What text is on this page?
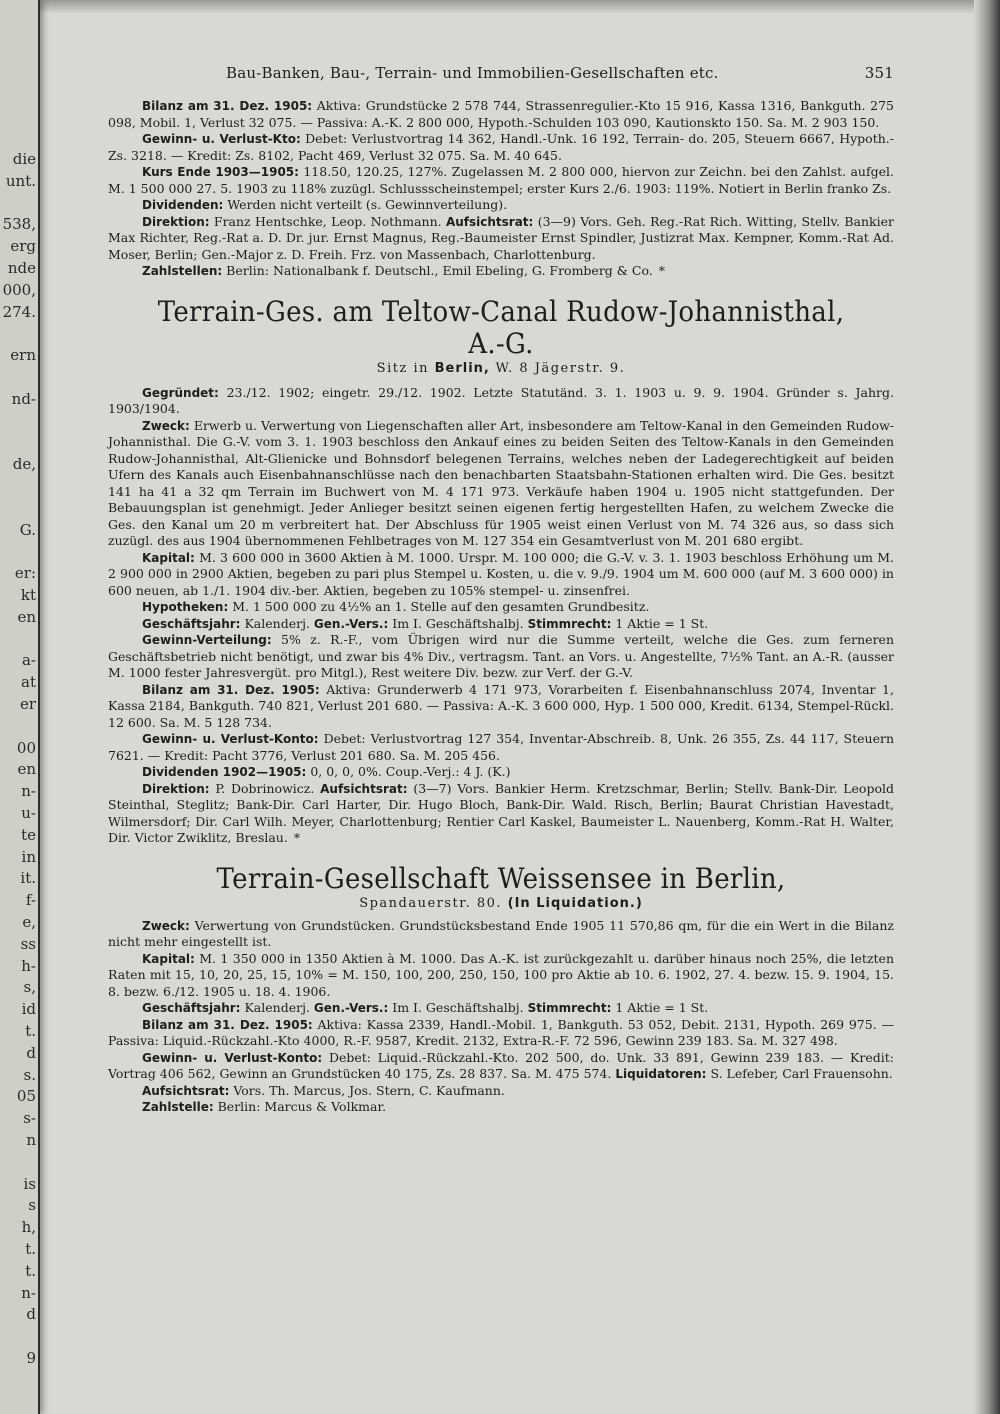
die
unt.
538,
erg
nde
000,
274.
ern
nd-
de,
G.
er:
kt
en
a-
at
er
00
en
n-
u-
te
in
it.
f-
e,
ss
h-
s,
id
t.
d
s.
05
s-
n
is
s
h,
t.
t.
n-
d
9
Bau-Banken, Bau-, Terrain- und Immobilien-Gesellschaften etc.	351

Bilanz am 31. Dez. 1905: Aktiva: Grundstücke 2 578 744, Strassenregulier.-Kto 15 916, Kassa 1316, Bankguth. 275 098, Mobil. 1, Verlust 32 075. — Passiva: A.-K. 2 800 000, Hypoth.-Schulden 103 090, Kautionskto 150. Sa. M. 2 903 150.

Gewinn- u. Verlust-Kto: Debet: Verlustvortrag 14 362, Handl.-Unk. 16 192, Terrain- do. 205, Steuern 6667, Hypoth.-Zs. 3218. — Kredit: Zs. 8102, Pacht 469, Verlust 32 075. Sa. M. 40 645.

Kurs Ende 1903—1905: 118.50, 120.25, 127%. Zugelassen M. 2 800 000, hiervon zur Zeichn. bei den Zahlst. aufgel. M. 1 500 000 27. 5. 1903 zu 118% zuzügl. Schlussscheinstempel; erster Kurs 2./6. 1903: 119%. Notiert in Berlin franko Zs.

Dividenden: Werden nicht verteilt (s. Gewinnverteilung).

Direktion: Franz Hentschke, Leop. Nothmann. Aufsichtsrat: (3—9) Vors. Geh. Reg.-Rat Rich. Witting, Stellv. Bankier Max Richter, Reg.-Rat a. D. Dr. jur. Ernst Magnus, Reg.-Baumeister Ernst Spindler, Justizrat Max. Kempner, Komm.-Rat Ad. Moser, Berlin; Gen.-Major z. D. Freih. Frz. von Massenbach, Charlottenburg.

Zahlstellen: Berlin: Nationalbank f. Deutschl., Emil Ebeling, G. Fromberg & Co. *

Terrain-Ges. am Teltow-Canal Rudow-Johannisthal, A.-G.
Sitz in Berlin, W. 8 Jägerstr. 9.

Gegründet: 23./12. 1902; eingetr. 29./12. 1902. Letzte Statutänd. 3. 1. 1903 u. 9. 9. 1904. Gründer s. Jahrg. 1903/1904.

Zweck: Erwerb u. Verwertung von Liegenschaften aller Art, insbesondere am Teltow-Kanal in den Gemeinden Rudow-Johannisthal. Die G.-V. vom 3. 1. 1903 beschloss den Ankauf eines zu beiden Seiten des Teltow-Kanals in den Gemeinden Rudow-Johannisthal, Alt-Glienicke und Bohnsdorf belegenen Terrains, welches neben der Ladegerechtigkeit auf beiden Ufern des Kanals auch Eisenbahnanschlüsse nach den benachbarten Staatsbahn-Stationen erhalten wird. Die Ges. besitzt 141 ha 41 a 32 qm Terrain im Buchwert von M. 4 171 973. Verkäufe haben 1904 u. 1905 nicht stattgefunden. Der Bebauungsplan ist genehmigt. Jeder Anlieger besitzt seinen eigenen fertig hergestellten Hafen, zu welchem Zwecke die Ges. den Kanal um 20 m verbreitert hat. Der Abschluss für 1905 weist einen Verlust von M. 74 326 aus, so dass sich zuzügl. des aus 1904 übernommenen Fehlbetrages von M. 127 354 ein Gesamtverlust von M. 201 680 ergibt.

Kapital: M. 3 600 000 in 3600 Aktien à M. 1000. Urspr. M. 100 000; die G.-V. v. 3. 1. 1903 beschloss Erhöhung um M. 2 900 000 in 2900 Aktien, begeben zu pari plus Stempel u. Kosten, u. die v. 9./9. 1904 um M. 600 000 (auf M. 3 600 000) in 600 neuen, ab 1./1. 1904 div.-ber. Aktien, begeben zu 105% stempel- u. zinsenfrei.

Hypotheken: M. 1 500 000 zu 4½% an 1. Stelle auf den gesamten Grundbesitz.

Geschäftsjahr: Kalenderj. Gen.-Vers.: Im I. Geschäftshalbj. Stimmrecht: 1 Aktie = 1 St.

Gewinn-Verteilung: 5% z. R.-F., vom Übrigen wird nur die Summe verteilt, welche die Ges. zum ferneren Geschäftsbetrieb nicht benötigt, und zwar bis 4% Div., vertragsm. Tant. an Vors. u. Angestellte, 7½% Tant. an A.-R. (ausser M. 1000 fester Jahresvergüt. pro Mitgl.), Rest weitere Div. bezw. zur Verf. der G.-V.

Bilanz am 31. Dez. 1905: Aktiva: Grunderwerb 4 171 973, Vorarbeiten f. Eisenbahnanschluss 2074, Inventar 1, Kassa 2184, Bankguth. 740 821, Verlust 201 680. — Passiva: A.-K. 3 600 000, Hyp. 1 500 000, Kredit. 6134, Stempel-Rückl. 12 600. Sa. M. 5 128 734.

Gewinn- u. Verlust-Konto: Debet: Verlustvortrag 127 354, Inventar-Abschreib. 8, Unk. 26 355, Zs. 44 117, Steuern 7621. — Kredit: Pacht 3776, Verlust 201 680. Sa. M. 205 456.

Dividenden 1902—1905: 0, 0, 0, 0%. Coup.-Verj.: 4 J. (K.)

Direktion: P. Dobrinowicz. Aufsichtsrat: (3—7) Vors. Bankier Herm. Kretzschmar, Berlin; Stellv. Bank-Dir. Leopold Steinthal, Steglitz; Bank-Dir. Carl Harter, Dir. Hugo Bloch, Bank-Dir. Wald. Risch, Berlin; Baurat Christian Havestadt, Wilmersdorf; Dir. Carl Wilh. Meyer, Charlottenburg; Rentier Carl Kaskel, Baumeister L. Nauenberg, Komm.-Rat H. Walter, Dir. Victor Zwiklitz, Breslau. *

Terrain-Gesellschaft Weissensee in Berlin,
Spandauerstr. 80. (In Liquidation.)

Zweck: Verwertung von Grundstücken. Grundstücksbestand Ende 1905 11 570,86 qm, für die ein Wert in die Bilanz nicht mehr eingestellt ist.

Kapital: M. 1 350 000 in 1350 Aktien à M. 1000. Das A.-K. ist zurückgezahlt u. darüber hinaus noch 25%, die letzten Raten mit 15, 10, 20, 25, 15, 10% = M. 150, 100, 200, 250, 150, 100 pro Aktie ab 10. 6. 1902, 27. 4. bezw. 15. 9. 1904, 15. 8. bezw. 6./12. 1905 u. 18. 4. 1906.

Geschäftsjahr: Kalenderj. Gen.-Vers.: Im I. Geschäftshalbj. Stimmrecht: 1 Aktie = 1 St.

Bilanz am 31. Dez. 1905: Aktiva: Kassa 2339, Handl.-Mobil. 1, Bankguth. 53 052, Debit. 2131, Hypoth. 269 975. — Passiva: Liquid.-Rückzahl.-Kto 4000, R.-F. 9587, Kredit. 2132, Extra-R.-F. 72 596, Gewinn 239 183. Sa. M. 327 498.

Gewinn- u. Verlust-Konto: Debet: Liquid.-Rückzahl.-Kto. 202 500, do. Unk. 33 891, Gewinn 239 183. — Kredit: Vortrag 406 562, Gewinn an Grundstücken 40 175, Zs. 28 837. Sa. M. 475 574. Liquidatoren: S. Lefeber, Carl Frauensohn.

Aufsichtsrat: Vors. Th. Marcus, Jos. Stern, C. Kaufmann.

Zahlstelle: Berlin: Marcus & Volkmar.
